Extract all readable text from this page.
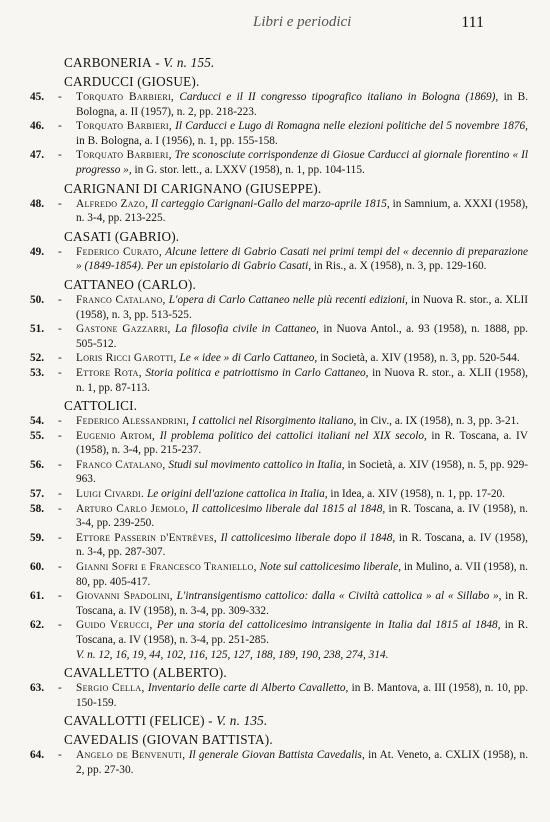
Libri e periodici	111
CARBONERIA - V. n. 155.
CARDUCCI (GIOSUE).
45.	- Torquato Barbieri, Carducci e il II congresso tipografico italiano in Bologna (1869), in B. Bologna, a. II (1957), n. 2, pp. 218-223.
46.	- Torquato Barbieri, Il Carducci e Lugo di Romagna nelle elezioni politiche del 5 novembre 1876, in B. Bologna, a. I (1956), n. 1, pp. 155-158.
47.	- Torquato Barbieri, Tre sconosciute corrispondenze di Giosue Carducci al giornale fiorentino « Il progresso », in G. stor. lett., a. LXXV (1958), n. 1, pp. 104-115.
CARIGNANI DI CARIGNANO (GIUSEPPE).
48.	- Alfredo Zazo, Il carteggio Carignani-Gallo del marzo-aprile 1815, in Samnium, a. XXXI (1958), n. 3-4, pp. 213-225.
CASATI (GABRIO).
49.	- Federico Curato, Alcune lettere di Gabrio Casati nei primi tempi del « decennio di preparazione » (1849-1854). Per un epistolario di Gabrio Casati, in Ris., a. X (1958), n. 3, pp. 129-160.
CATTANEO (CARLO).
50.	- Franco Catalano, L'opera di Carlo Cattaneo nelle più recenti edizioni, in Nuova R. stor., a. XLII (1958), n. 3, pp. 513-525.
51.	- Gastone Gazzarri, La filosofia civile in Cattaneo, in Nuova Antol., a. 93 (1958), n. 1888, pp. 505-512.
52.	- Loris Ricci Garotti, Le « idee » di Carlo Cattaneo, in Società, a. XIV (1958), n. 3, pp. 520-544.
53.	- Ettore Rota, Storia politica e patriottismo in Carlo Cattaneo, in Nuova R. stor., a. XLII (1958), n. 1, pp. 87-113.
CATTOLICI.
54.	- Federico Alessandrini, I cattolici nel Risorgimento italiano, in Civ., a. IX (1958), n. 3, pp. 3-21.
55.	- Eugenio Artom, Il problema politico dei cattolici italiani nel XIX secolo, in R. Toscana, a. IV (1958), n. 3-4, pp. 215-237.
56.	- Franco Catalano, Studi sul movimento cattolico in Italia, in Società, a. XIV (1958), n. 5, pp. 929-963.
57.	- Luigi Civardi. Le origini dell'azione cattolica in Italia, in Idea, a. XIV (1958), n. 1, pp. 17-20.
58.	- Arturo Carlo Jemolo, Il cattolicesimo liberale dal 1815 al 1848, in R. Toscana, a. IV (1958), n. 3-4, pp. 239-250.
59.	- Ettore Passerin d'Entrèves, Il cattolicesimo liberale dopo il 1848, in R. Toscana, a. IV (1958), n. 3-4, pp. 287-307.
60.	- Gianni Sofri e Francesco Traniello, Note sul cattolicesimo liberale, in Mulino, a. VII (1958), n. 80, pp. 405-417.
61.	- Giovanni Spadolini, L'intransigentismo cattolico: dalla « Civiltà cattolica » al « Sillabo », in R. Toscana, a. IV (1958), n. 3-4, pp. 309-332.
62.	- Guido Verucci, Per una storia del cattolicesimo intransigente in Italia dal 1815 al 1848, in R. Toscana, a. IV (1958), n. 3-4, pp. 251-285.
V. n. 12, 16, 19, 44, 102, 116, 125, 127, 188, 189, 190, 238, 274, 314.
CAVALLETTO (ALBERTO).
63.	- Sergio Cella, Inventario delle carte di Alberto Cavalletto, in B. Mantova, a. III (1958), n. 10, pp. 150-159.
CAVALLOTTI (FELICE) - V. n. 135.
CAVEDALIS (GIOVAN BATTISTA).
64.	- Angelo de Benvenuti, Il generale Giovan Battista Cavedalis, in At. Veneto, a. CXLIX (1958), n. 2, pp. 27-30.
